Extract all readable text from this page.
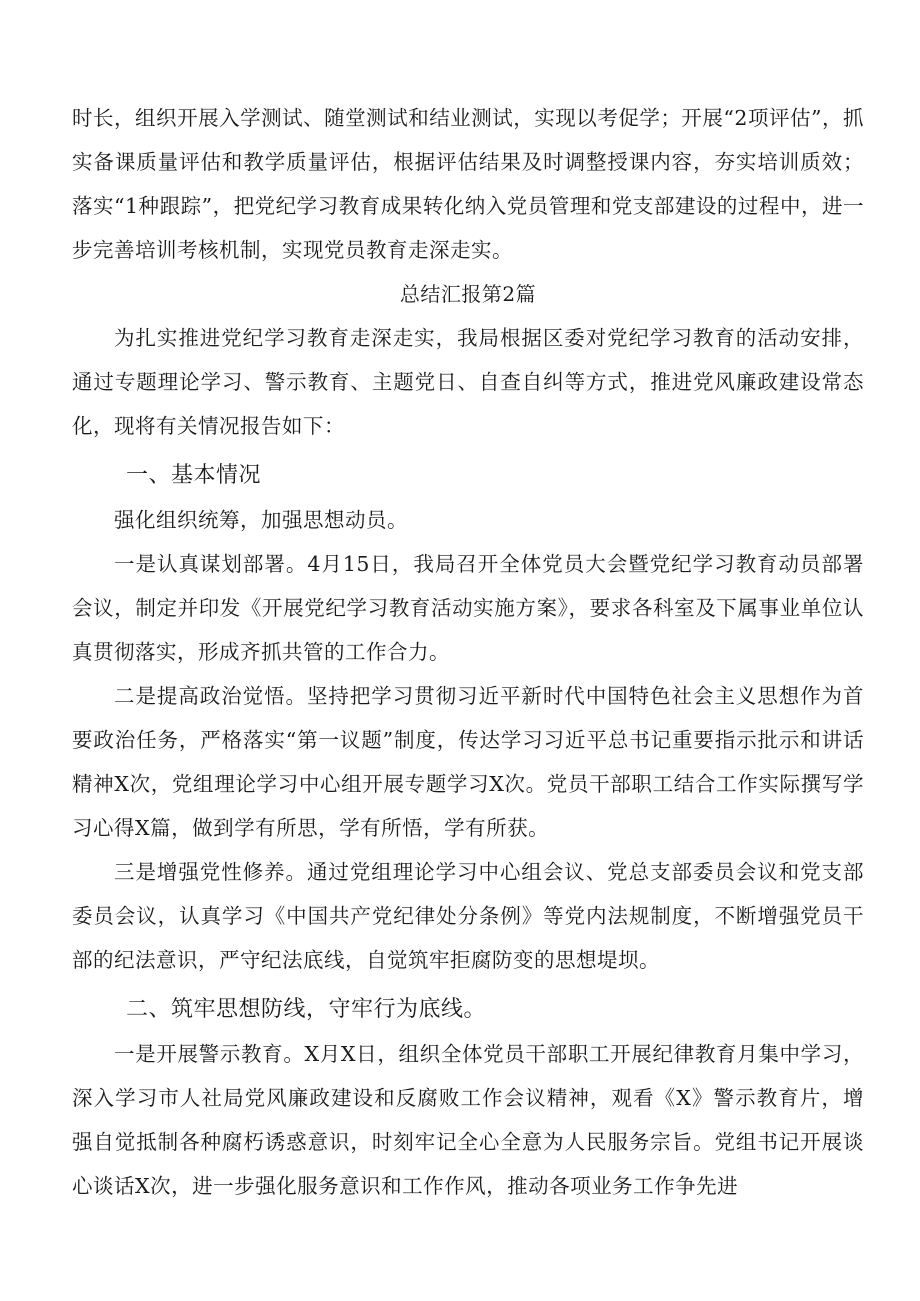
时长，组织开展入学测试、随堂测试和结业测试，实现以考促学；开展“2项评估”，抓实备课质量评估和教学质量评估，根据评估结果及时调整授课内容，夯实培训质效；落实“1种跟踪”，把党纪学习教育成果转化纳入党员管理和党支部建设的过程中，进一步完善培训考核机制，实现党员教育走深走实。

总结汇报第2篇

为扎实推进党纪学习教育走深走实，我局根据区委对党纪学习教育的活动安排，通过专题理论学习、警示教育、主题党日、自查自纠等方式，推进党风廉政建设常态化，现将有关情况报告如下：

一、基本情况

强化组织统筹，加强思想动员。

一是认真谋划部署。4月15日，我局召开全体党员大会暨党纪学习教育动员部署会议，制定并印发《开展党纪学习教育活动实施方案》，要求各科室及下属事业单位认真贯彻落实，形成齐抓共管的工作合力。

二是提高政治觉悟。坚持把学习贯彻习近平新时代中国特色社会主义思想作为首要政治任务，严格落实“第一议题”制度，传达学习习近平总书记重要指示批示和讲话精神X次，党组理论学习中心组开展专题学习X次。党员干部职工结合工作实际撰写学习心得X篇，做到学有所思，学有所悟，学有所获。

三是增强党性修养。通过党组理论学习中心组会议、党总支部委员会议和党支部委员会议，认真学习《中国共产党纪律处分条例》等党内法规制度，不断增强党员干部的纪法意识，严守纪法底线，自觉筑牢拒腐防变的思想堤坝。

二、筑牢思想防线，守牢行为底线。

一是开展警示教育。X月X日，组织全体党员干部职工开展纪律教育月集中学习，深入学习市人社局党风廉政建设和反腐败工作会议精神，观看《X》警示教育片，增强自觉抵制各种腐朽诱惑意识，时刻牢记全心全意为人民服务宗旨。党组书记开展谈心谈话X次，进一步强化服务意识和工作作风，推动各项业务工作争先进
